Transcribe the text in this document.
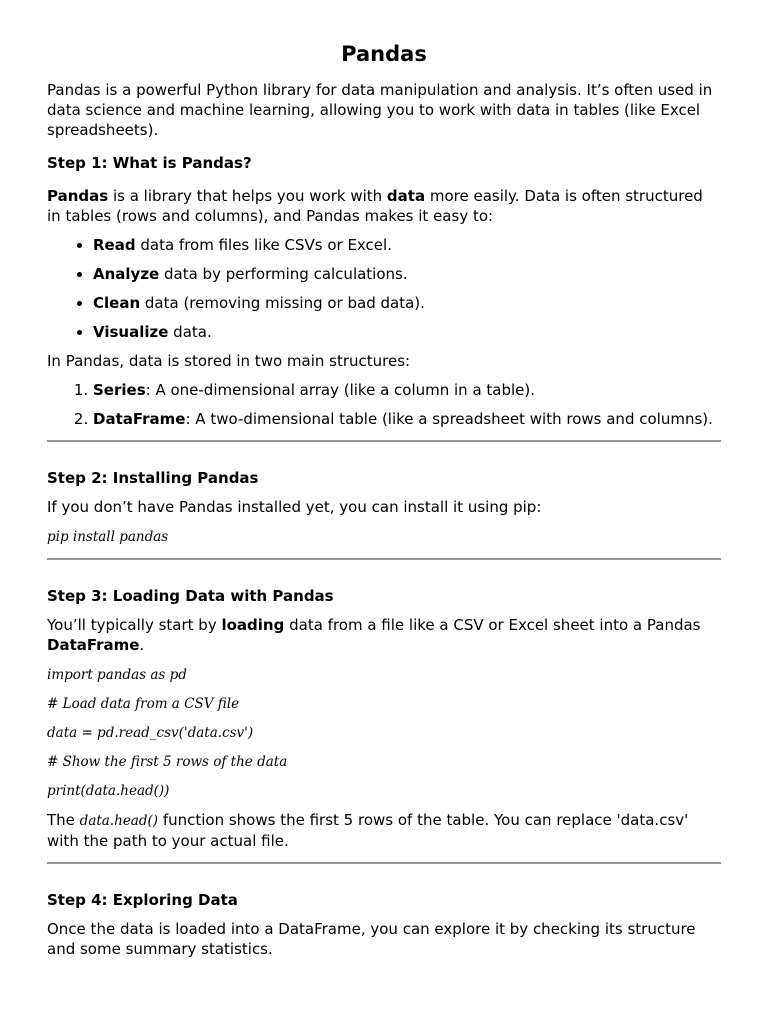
Pandas

Pandas is a powerful Python library for data manipulation and analysis. It’s often used in data science and machine learning, allowing you to work with data in tables (like Excel spreadsheets).

Step 1: What is Pandas?

Pandas is a library that helps you work with data more easily. Data is often structured in tables (rows and columns), and Pandas makes it easy to:

• Read data from files like CSVs or Excel.
• Analyze data by performing calculations.
• Clean data (removing missing or bad data).
• Visualize data.

In Pandas, data is stored in two main structures:

1. Series: A one-dimensional array (like a column in a table).
2. DataFrame: A two-dimensional table (like a spreadsheet with rows and columns).

Step 2: Installing Pandas

If you don’t have Pandas installed yet, you can install it using pip:

pip install pandas

Step 3: Loading Data with Pandas

You’ll typically start by loading data from a file like a CSV or Excel sheet into a Pandas DataFrame.

import pandas as pd

# Load data from a CSV file

data = pd.read_csv('data.csv')

# Show the first 5 rows of the data

print(data.head())

The data.head() function shows the first 5 rows of the table. You can replace 'data.csv' with the path to your actual file.

Step 4: Exploring Data

Once the data is loaded into a DataFrame, you can explore it by checking its structure and some summary statistics.
